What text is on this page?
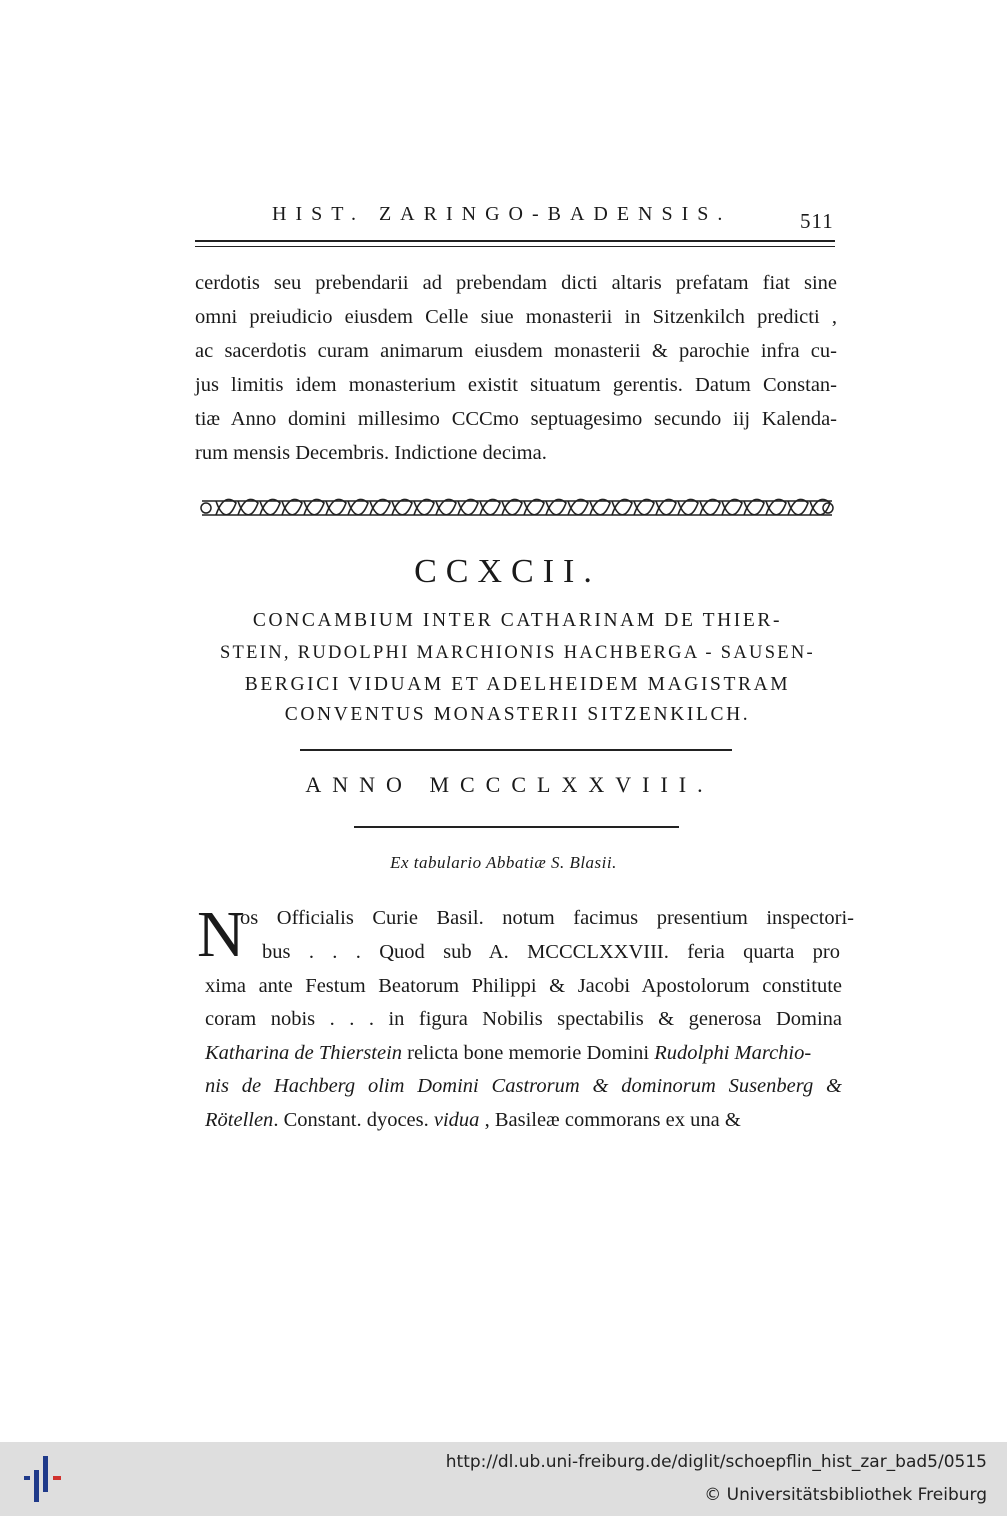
HIST. ZARINGO-BADENSIS.	511
cerdotis seu prebendarii ad prebendam dicti altaris prefatam fiat sine
omni preiudicio eiusdem Celle siue monasterii in Sitzenkilch predicti ,
ac sacerdotis curam animarum eiusdem monasterii & parochie infra cu-
jus limitis idem monasterium existit situatum gerentis. Datum Constan-
tiæ Anno domini millesimo CCCmo septuagesimo secundo iij Kalenda-
rum mensis Decembris. Indictione decima.
CCXCII.
CONCAMBIUM INTER CATHARINAM DE THIER-
STEIN, RUDOLPHI MARCHIONIS HACHBERGA - SAUSEN-
BERGICI VIDUAM ET ADELHEIDEM MAGISTRAM
CONVENTUS MONASTERII SITZENKILCH.
ANNO MCCCLXXVIII.
Ex tabulario Abbatiæ S. Blasii.
N
os Officialis Curie Basil. notum facimus presentium inspectori-
bus . . . Quod sub A. MCCCLXXVIII. feria quarta pro
xima ante Festum Beatorum Philippi & Jacobi Apostolorum constitute
coram nobis . . . in figura Nobilis spectabilis & generosa Domina
Katharina de Thierstein relicta bone memorie Domini Rudolphi Marchio-
nis de Hachberg olim Domini Castrorum & dominorum Susenberg &
Rötellen. Constant. dyoces. vidua , Basileæ commorans ex una &
http://dl.ub.uni-freiburg.de/diglit/schoepflin_hist_zar_bad5/0515
© Universitätsbibliothek Freiburg
